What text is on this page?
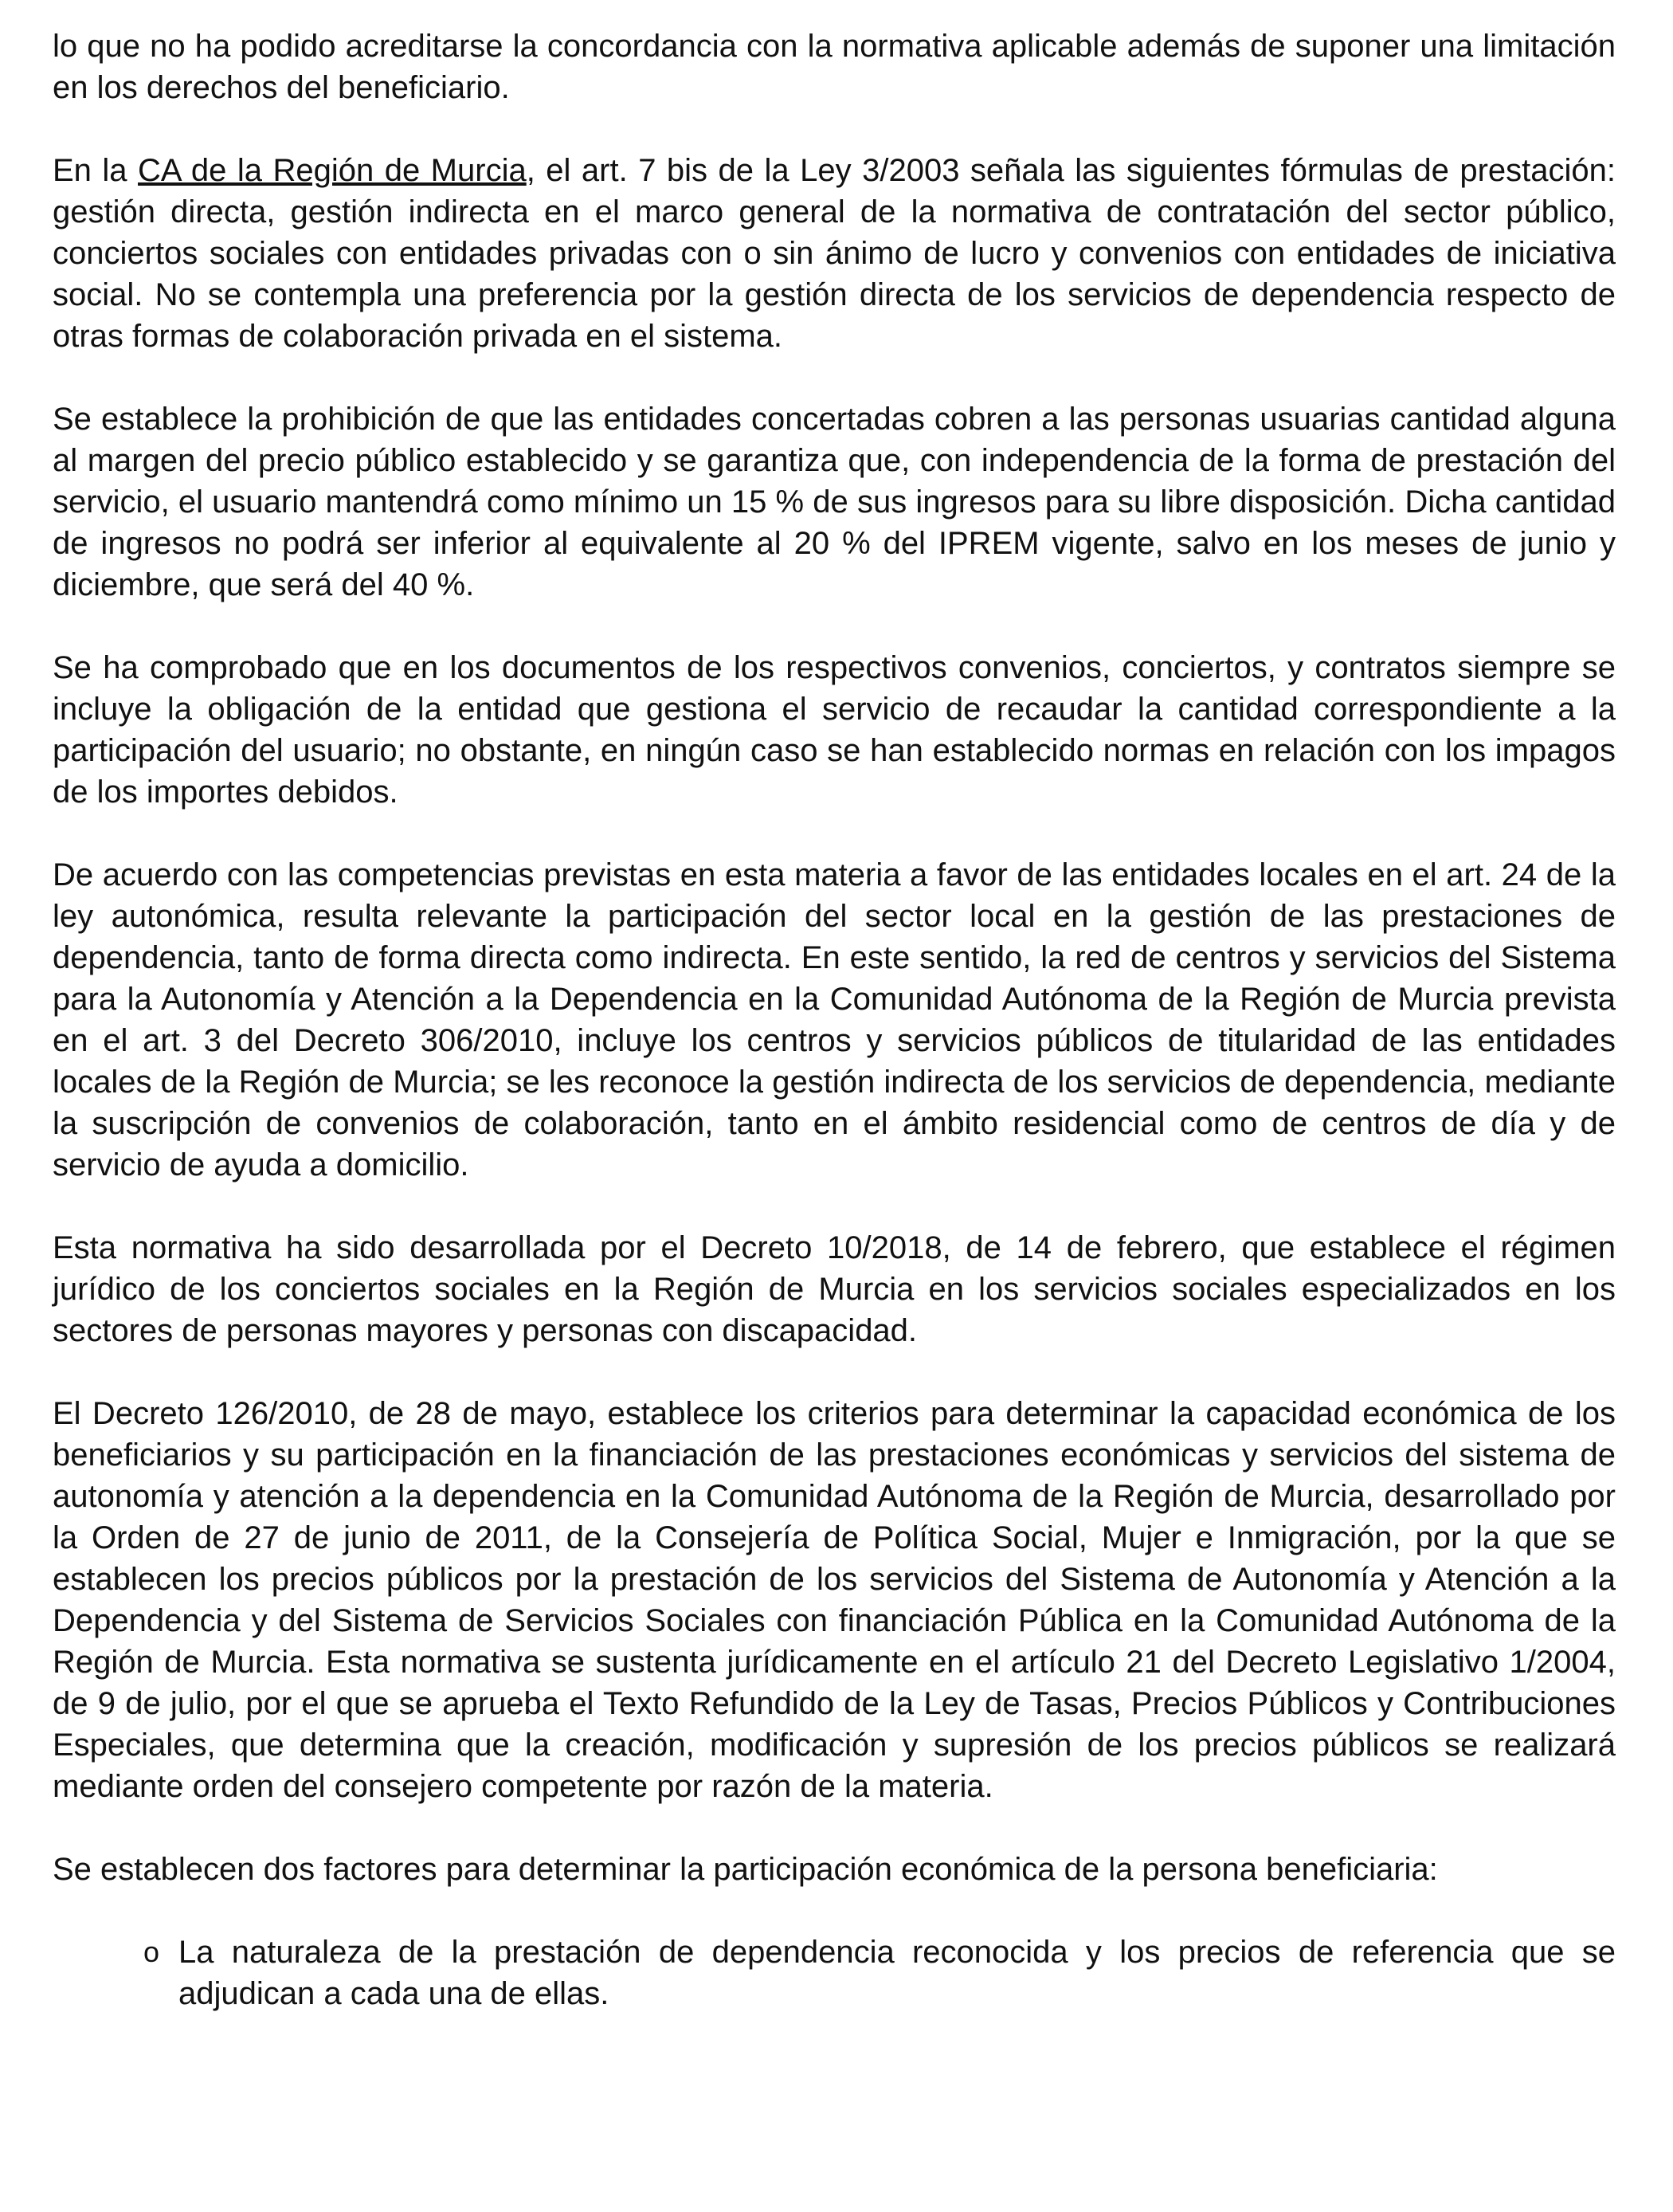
lo que no ha podido acreditarse la concordancia con la normativa aplicable además de suponer una limitación en los derechos del beneficiario.

En la CA de la Región de Murcia, el art. 7 bis de la Ley 3/2003 señala las siguientes fórmulas de prestación: gestión directa, gestión indirecta en el marco general de la normativa de contratación del sector público, conciertos sociales con entidades privadas con o sin ánimo de lucro y convenios con entidades de iniciativa social. No se contempla una preferencia por la gestión directa de los servicios de dependencia respecto de otras formas de colaboración privada en el sistema.

Se establece la prohibición de que las entidades concertadas cobren a las personas usuarias cantidad alguna al margen del precio público establecido y se garantiza que, con independencia de la forma de prestación del servicio, el usuario mantendrá como mínimo un 15 % de sus ingresos para su libre disposición. Dicha cantidad de ingresos no podrá ser inferior al equivalente al 20 % del IPREM vigente, salvo en los meses de junio y diciembre, que será del 40 %.

Se ha comprobado que en los documentos de los respectivos convenios, conciertos, y contratos siempre se incluye la obligación de la entidad que gestiona el servicio de recaudar la cantidad correspondiente a la participación del usuario; no obstante, en ningún caso se han establecido normas en relación con los impagos de los importes debidos.

De acuerdo con las competencias previstas en esta materia a favor de las entidades locales en el art. 24 de la ley autonómica, resulta relevante la participación del sector local en la gestión de las prestaciones de dependencia, tanto de forma directa como indirecta. En este sentido, la red de centros y servicios del Sistema para la Autonomía y Atención a la Dependencia en la Comunidad Autónoma de la Región de Murcia prevista en el art. 3 del Decreto 306/2010, incluye los centros y servicios públicos de titularidad de las entidades locales de la Región de Murcia; se les reconoce la gestión indirecta de los servicios de dependencia, mediante la suscripción de convenios de colaboración, tanto en el ámbito residencial como de centros de día y de servicio de ayuda a domicilio.

Esta normativa ha sido desarrollada por el Decreto 10/2018, de 14 de febrero, que establece el régimen jurídico de los conciertos sociales en la Región de Murcia en los servicios sociales especializados en los sectores de personas mayores y personas con discapacidad.

El Decreto 126/2010, de 28 de mayo, establece los criterios para determinar la capacidad económica de los beneficiarios y su participación en la financiación de las prestaciones económicas y servicios del sistema de autonomía y atención a la dependencia en la Comunidad Autónoma de la Región de Murcia, desarrollado por la Orden de 27 de junio de 2011, de la Consejería de Política Social, Mujer e Inmigración, por la que se establecen los precios públicos por la prestación de los servicios del Sistema de Autonomía y Atención a la Dependencia y del Sistema de Servicios Sociales con financiación Pública en la Comunidad Autónoma de la Región de Murcia. Esta normativa se sustenta jurídicamente en el artículo 21 del Decreto Legislativo 1/2004, de 9 de julio, por el que se aprueba el Texto Refundido de la Ley de Tasas, Precios Públicos y Contribuciones Especiales, que determina que la creación, modificación y supresión de los precios públicos se realizará mediante orden del consejero competente por razón de la materia.

Se establecen dos factores para determinar la participación económica de la persona beneficiaria:

o La naturaleza de la prestación de dependencia reconocida y los precios de referencia que se adjudican a cada una de ellas.
